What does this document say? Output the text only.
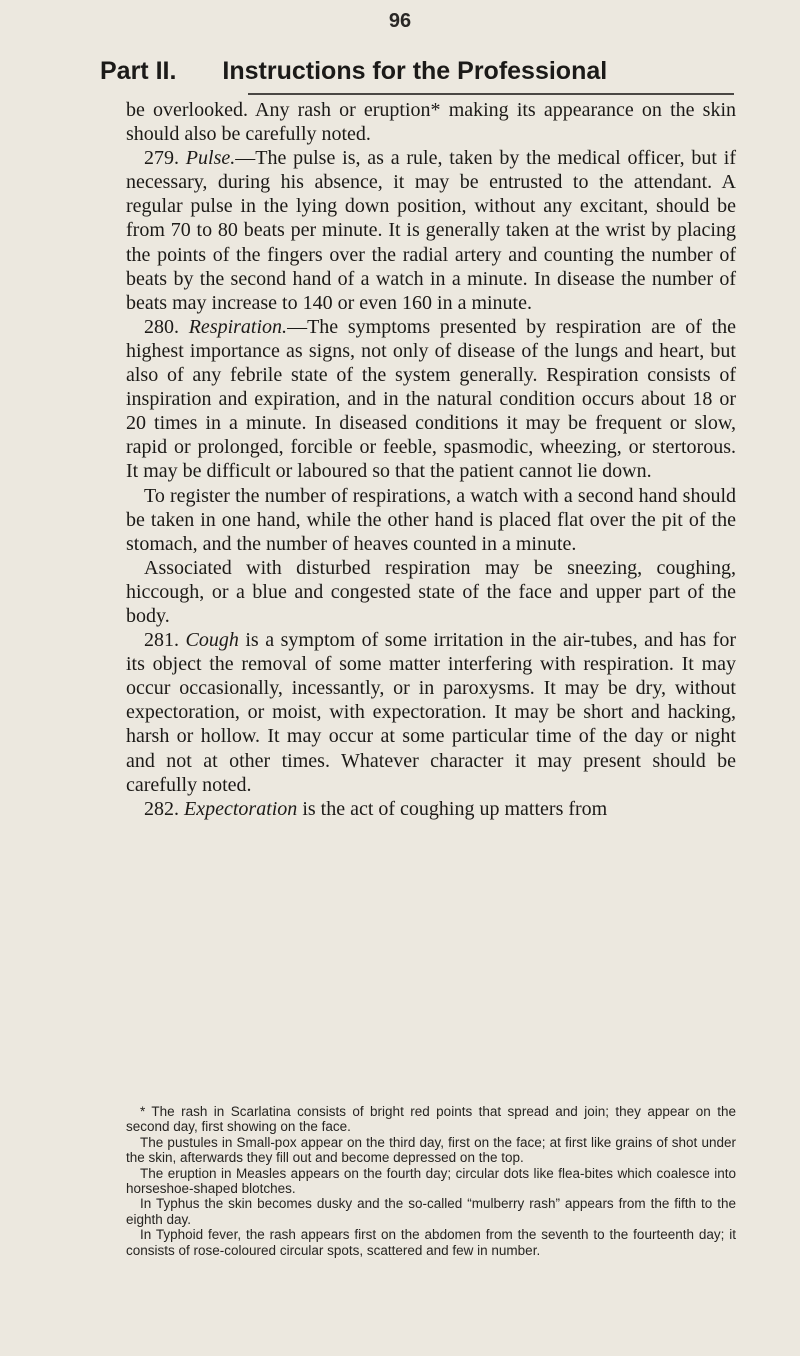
96
Part II. Instructions for the Professional

be overlooked. Any rash or eruption* making its appearance on the skin should also be carefully noted.

279. Pulse.—The pulse is, as a rule, taken by the medical officer, but if necessary, during his absence, it may be entrusted to the attendant. A regular pulse in the lying down position, without any excitant, should be from 70 to 80 beats per minute. It is generally taken at the wrist by placing the points of the fingers over the radial artery and counting the number of beats by the second hand of a watch in a minute. In disease the number of beats may increase to 140 or even 160 in a minute.

280. Respiration.—The symptoms presented by respiration are of the highest importance as signs, not only of disease of the lungs and heart, but also of any febrile state of the system generally. Respiration consists of inspiration and expiration, and in the natural condition occurs about 18 or 20 times in a minute. In diseased conditions it may be frequent or slow, rapid or prolonged, forcible or feeble, spasmodic, wheezing, or stertorous. It may be difficult or laboured so that the patient cannot lie down.

To register the number of respirations, a watch with a second hand should be taken in one hand, while the other hand is placed flat over the pit of the stomach, and the number of heaves counted in a minute.

Associated with disturbed respiration may be sneezing, coughing, hiccough, or a blue and congested state of the face and upper part of the body.

281. Cough is a symptom of some irritation in the air-tubes, and has for its object the removal of some matter interfering with respiration. It may occur occasionally, incessantly, or in paroxysms. It may be dry, without expectoration, or moist, with expectoration. It may be short and hacking, harsh or hollow. It may occur at some particular time of the day or night and not at other times. Whatever character it may present should be carefully noted.

282. Expectoration is the act of coughing up matters from

* The rash in Scarlatina consists of bright red points that spread and join; they appear on the second day, first showing on the face.

The pustules in Small-pox appear on the third day, first on the face; at first like grains of shot under the skin, afterwards they fill out and become depressed on the top.

The eruption in Measles appears on the fourth day; circular dots like flea-bites which coalesce into horseshoe-shaped blotches.

In Typhus the skin becomes dusky and the so-called “mulberry rash” appears from the fifth to the eighth day.

In Typhoid fever, the rash appears first on the abdomen from the seventh to the fourteenth day; it consists of rose-coloured circular spots, scattered and few in number.
